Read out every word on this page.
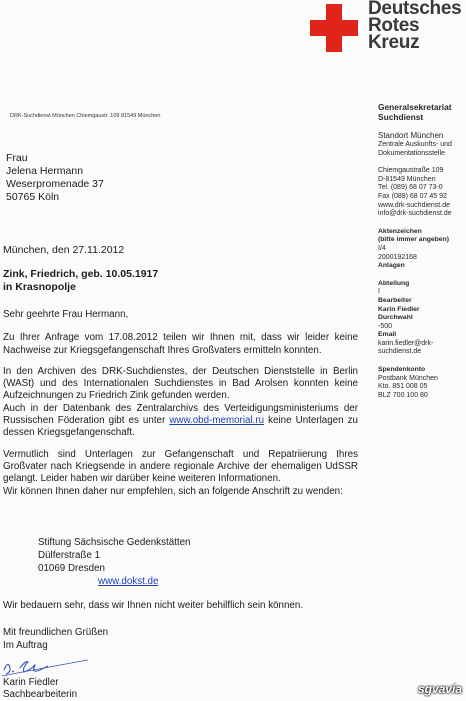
Deutsches
Rotes
Kreuz
DRK-Suchdienst München Chiemgaustr. 109 81549 München
Frau
Jelena Hermann
Weserpromenade 37
50765 Köln
München, den 27.11.2012
Zink, Friedrich, geb. 10.05.1917
in Krasnopolje

Sehr geehrte Frau Hermann,

Zu Ihrer Anfrage vom 17.08.2012 teilen wir Ihnen mit, dass wir leider keine Nachweise zur Kriegsgefangenschaft Ihres Großvaters ermitteln konnten.

In den Archiven des DRK-Suchdienstes, der Deutschen Dienststelle in Berlin (WASt) und des Internationalen Suchdienstes in Bad Arolsen konnten keine Aufzeichnungen zu Friedrich Zink gefunden werden.

Auch in der Datenbank des Zentralarchivs des Verteidigungsministeriums der Russischen Föderation gibt es unter www.obd-memorial.ru keine Unterlagen zu dessen Kriegsgefangenschaft.

Vermutlich sind Unterlagen zur Gefangenschaft und Repatriierung Ihres Großvater nach Kriegsende in andere regionale Archive der ehemaligen UdSSR gelangt. Leider haben wir darüber keine weiteren Informationen.

Wir können Ihnen daher nur empfehlen, sich an folgende Anschrift zu wenden:

Stiftung Sächsische Gedenkstätten
Dülferstraße 1
01069 Dresden
www.dokst.de
Wir bedauern sehr, dass wir Ihnen nicht weiter behilflich sein können.
Mit freundlichen Grüßen
Im Auftrag
Karin Fiedler
Sachbearbeiterin
Generalsekretariat
Suchdienst
Standort München
Zentrale Auskunfts- und
Dokumentationsstelle
Chiemgaustraße 109
D-81549 München
Tel. (089) 68 07 73-0
Fax (089) 68 07 45 92
www.drk-suchdienst.de
info@drk-suchdienst.de
Aktenzeichen
(bitte immer angeben)
I/4
2000192168
Anlagen
Abteilung
I
Bearbeiter
Karin Fiedler
Durchwahl
-500
Email
karin.fiedler@drk-
suchdienst.de
Spendenkonto
Postbank München
Kto. 851 008 05
BLZ 700 100 80
sgvavia
